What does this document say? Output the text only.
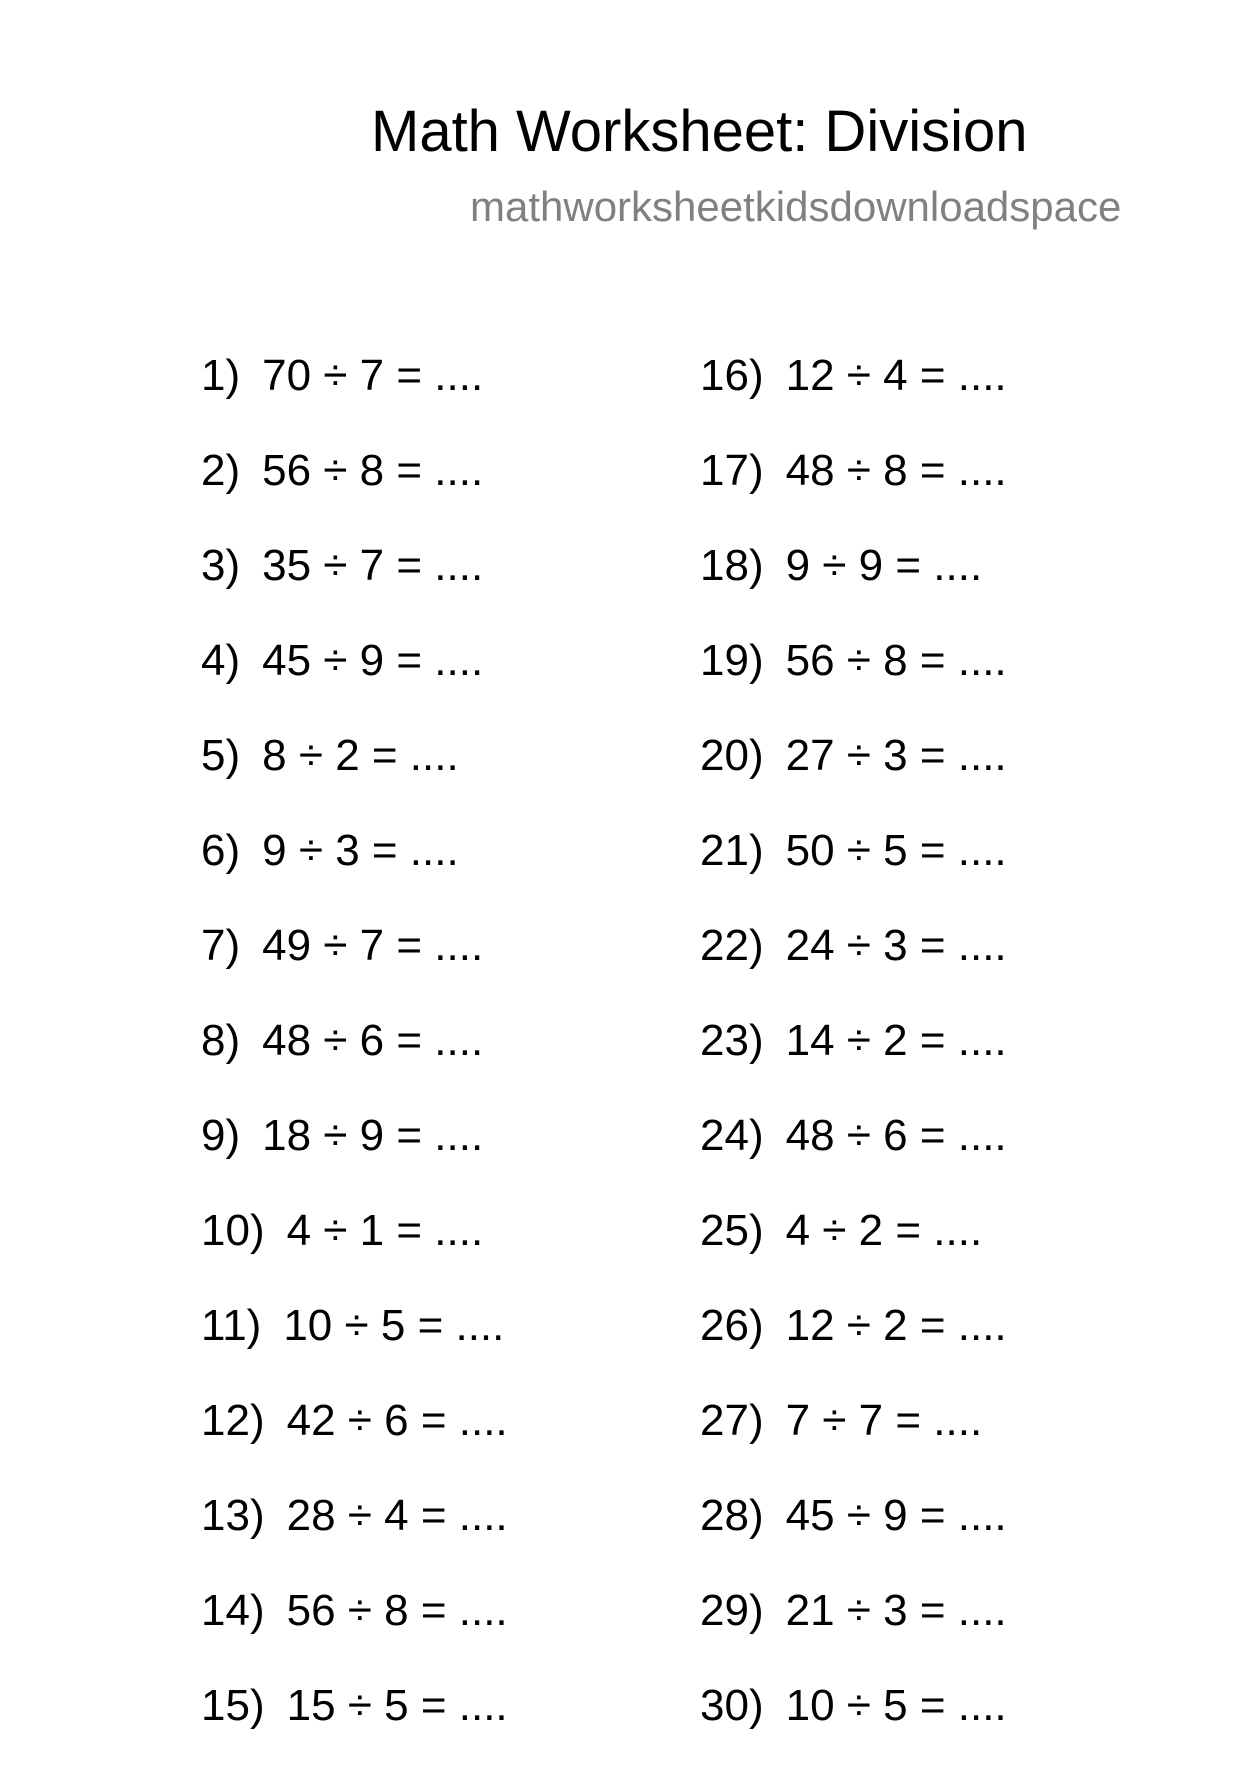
Math Worksheet: Division
mathworksheetkidsdownloadspace
1) 70 ÷ 7 = ....
2) 56 ÷ 8 = ....
3) 35 ÷ 7 = ....
4) 45 ÷ 9 = ....
5) 8 ÷ 2 = ....
6) 9 ÷ 3 = ....
7) 49 ÷ 7 = ....
8) 48 ÷ 6 = ....
9) 18 ÷ 9 = ....
10) 4 ÷ 1 = ....
11) 10 ÷ 5 = ....
12) 42 ÷ 6 = ....
13) 28 ÷ 4 = ....
14) 56 ÷ 8 = ....
15) 15 ÷ 5 = ....
16) 12 ÷ 4 = ....
17) 48 ÷ 8 = ....
18) 9 ÷ 9 = ....
19) 56 ÷ 8 = ....
20) 27 ÷ 3 = ....
21) 50 ÷ 5 = ....
22) 24 ÷ 3 = ....
23) 14 ÷ 2 = ....
24) 48 ÷ 6 = ....
25) 4 ÷ 2 = ....
26) 12 ÷ 2 = ....
27) 7 ÷ 7 = ....
28) 45 ÷ 9 = ....
29) 21 ÷ 3 = ....
30) 10 ÷ 5 = ....
